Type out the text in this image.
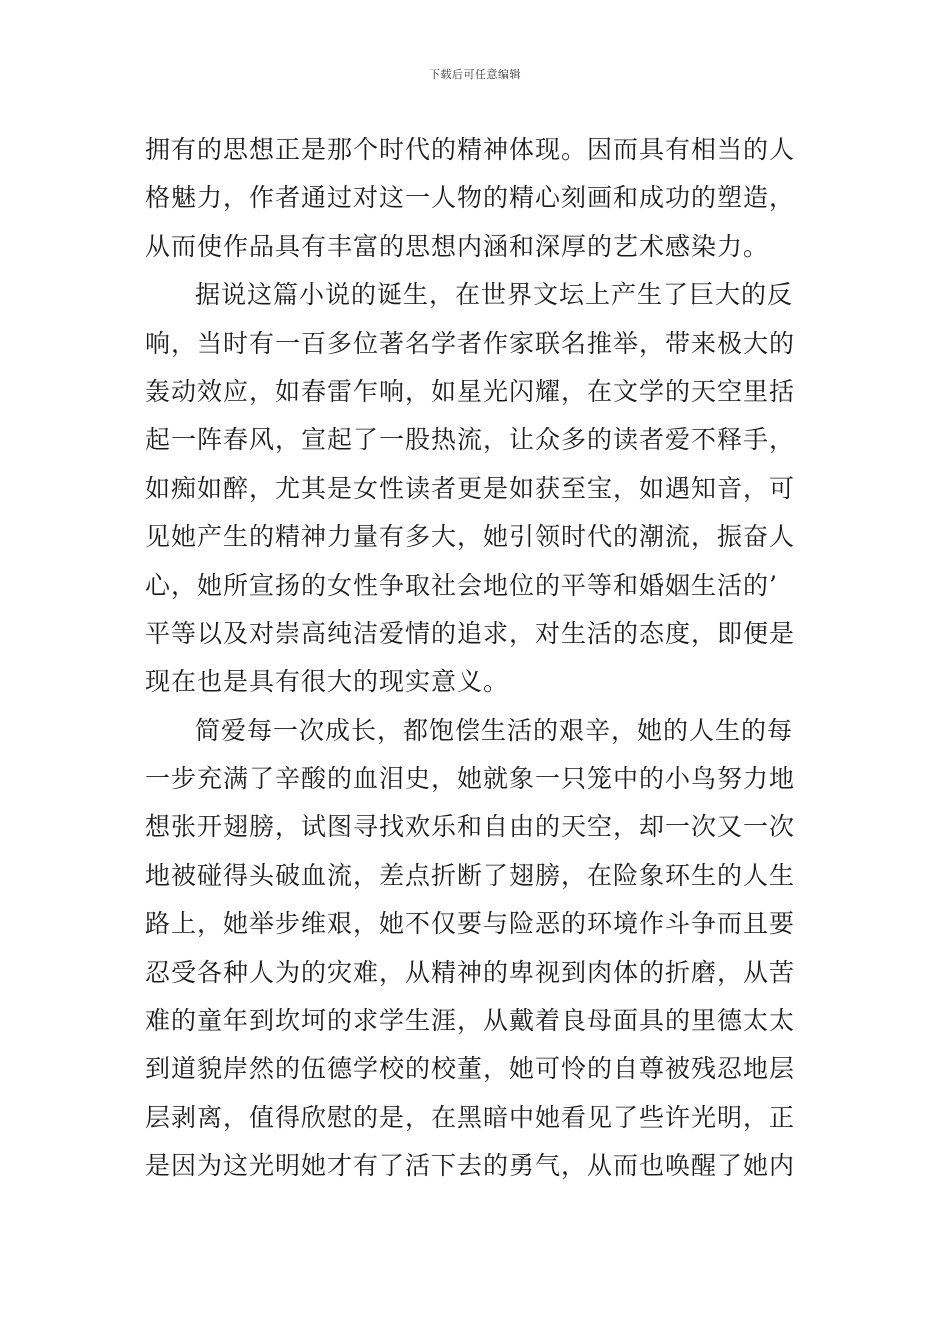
下载后可任意编辑
拥有的思想正是那个时代的精神体现。因而具有相当的人
格魅力，作者通过对这一人物的精心刻画和成功的塑造，
从而使作品具有丰富的思想内涵和深厚的艺术感染力。
据说这篇小说的诞生，在世界文坛上产生了巨大的反
响，当时有一百多位著名学者作家联名推举，带来极大的
轰动效应，如春雷乍响，如星光闪耀，在文学的天空里括
起一阵春风，宣起了一股热流，让众多的读者爱不释手，
如痴如醉，尤其是女性读者更是如获至宝，如遇知音，可
见她产生的精神力量有多大，她引领时代的潮流，振奋人
心，她所宣扬的女性争取社会地位的平等和婚姻生活的’
平等以及对崇高纯洁爱情的追求，对生活的态度，即便是
现在也是具有很大的现实意义。
简爱每一次成长，都饱偿生活的艰辛，她的人生的每
一步充满了辛酸的血泪史，她就象一只笼中的小鸟努力地
想张开翅膀，试图寻找欢乐和自由的天空，却一次又一次
地被碰得头破血流，差点折断了翅膀，在险象环生的人生
路上，她举步维艰，她不仅要与险恶的环境作斗争而且要
忍受各种人为的灾难，从精神的卑视到肉体的折磨，从苦
难的童年到坎坷的求学生涯，从戴着良母面具的里德太太
到道貌岸然的伍德学校的校董，她可怜的自尊被残忍地层
层剥离，值得欣慰的是，在黑暗中她看见了些许光明，正
是因为这光明她才有了活下去的勇气，从而也唤醒了她内
